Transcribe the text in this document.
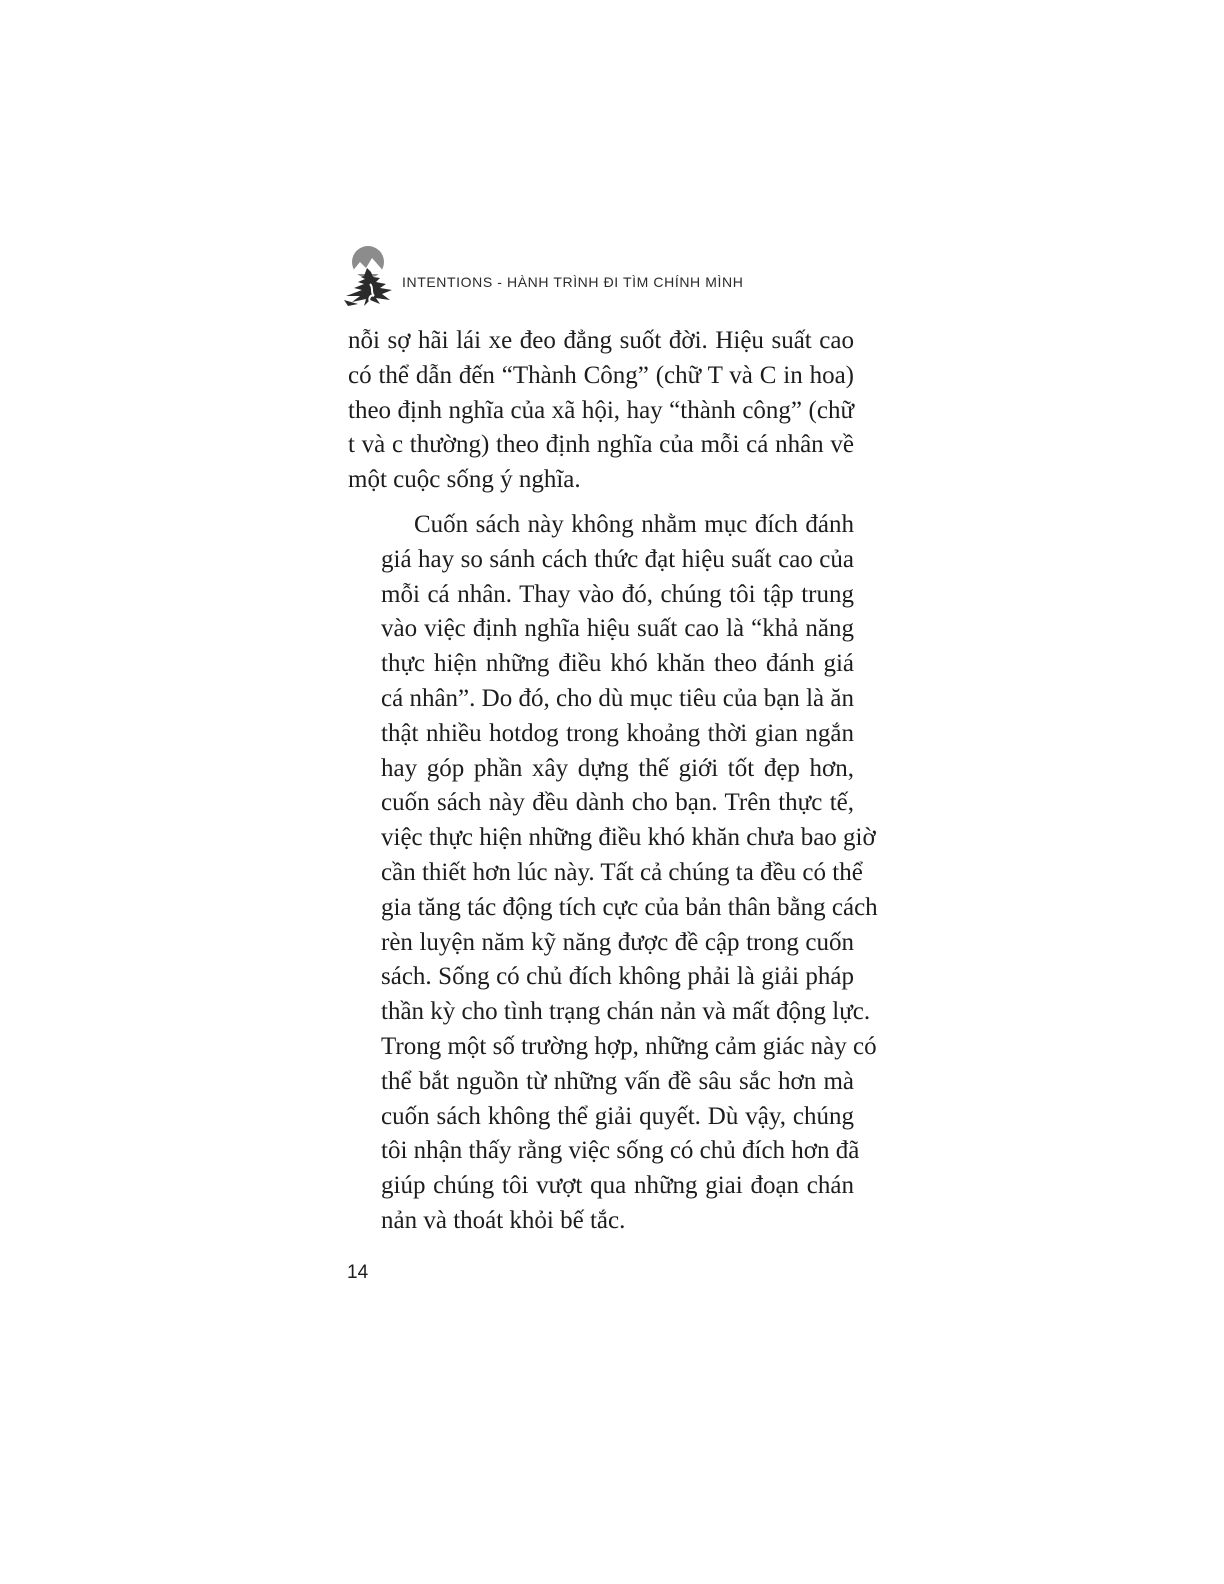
INTENTIONS - HÀNH TRÌNH ĐI TÌM CHÍNH MÌNH

nỗi sợ hãi lái xe đeo đẳng suốt đời. Hiệu suất cao
có thể dẫn đến “Thành Công” (chữ T và C in hoa)
theo định nghĩa của xã hội, hay “thành công” (chữ
t và c thường) theo định nghĩa của mỗi cá nhân về
một cuộc sống ý nghĩa.

Cuốn sách này không nhằm mục đích đánh
giá hay so sánh cách thức đạt hiệu suất cao của
mỗi cá nhân. Thay vào đó, chúng tôi tập trung
vào việc định nghĩa hiệu suất cao là “khả năng
thực hiện những điều khó khăn theo đánh giá
cá nhân”. Do đó, cho dù mục tiêu của bạn là ăn
thật nhiều hotdog trong khoảng thời gian ngắn
hay góp phần xây dựng thế giới tốt đẹp hơn,
cuốn sách này đều dành cho bạn. Trên thực tế,
việc thực hiện những điều khó khăn chưa bao giờ
cần thiết hơn lúc này. Tất cả chúng ta đều có thể
gia tăng tác động tích cực của bản thân bằng cách
rèn luyện năm kỹ năng được đề cập trong cuốn
sách. Sống có chủ đích không phải là giải pháp
thần kỳ cho tình trạng chán nản và mất động lực.
Trong một số trường hợp, những cảm giác này có
thể bắt nguồn từ những vấn đề sâu sắc hơn mà
cuốn sách không thể giải quyết. Dù vậy, chúng
tôi nhận thấy rằng việc sống có chủ đích hơn đã
giúp chúng tôi vượt qua những giai đoạn chán
nản và thoát khỏi bế tắc.

14
